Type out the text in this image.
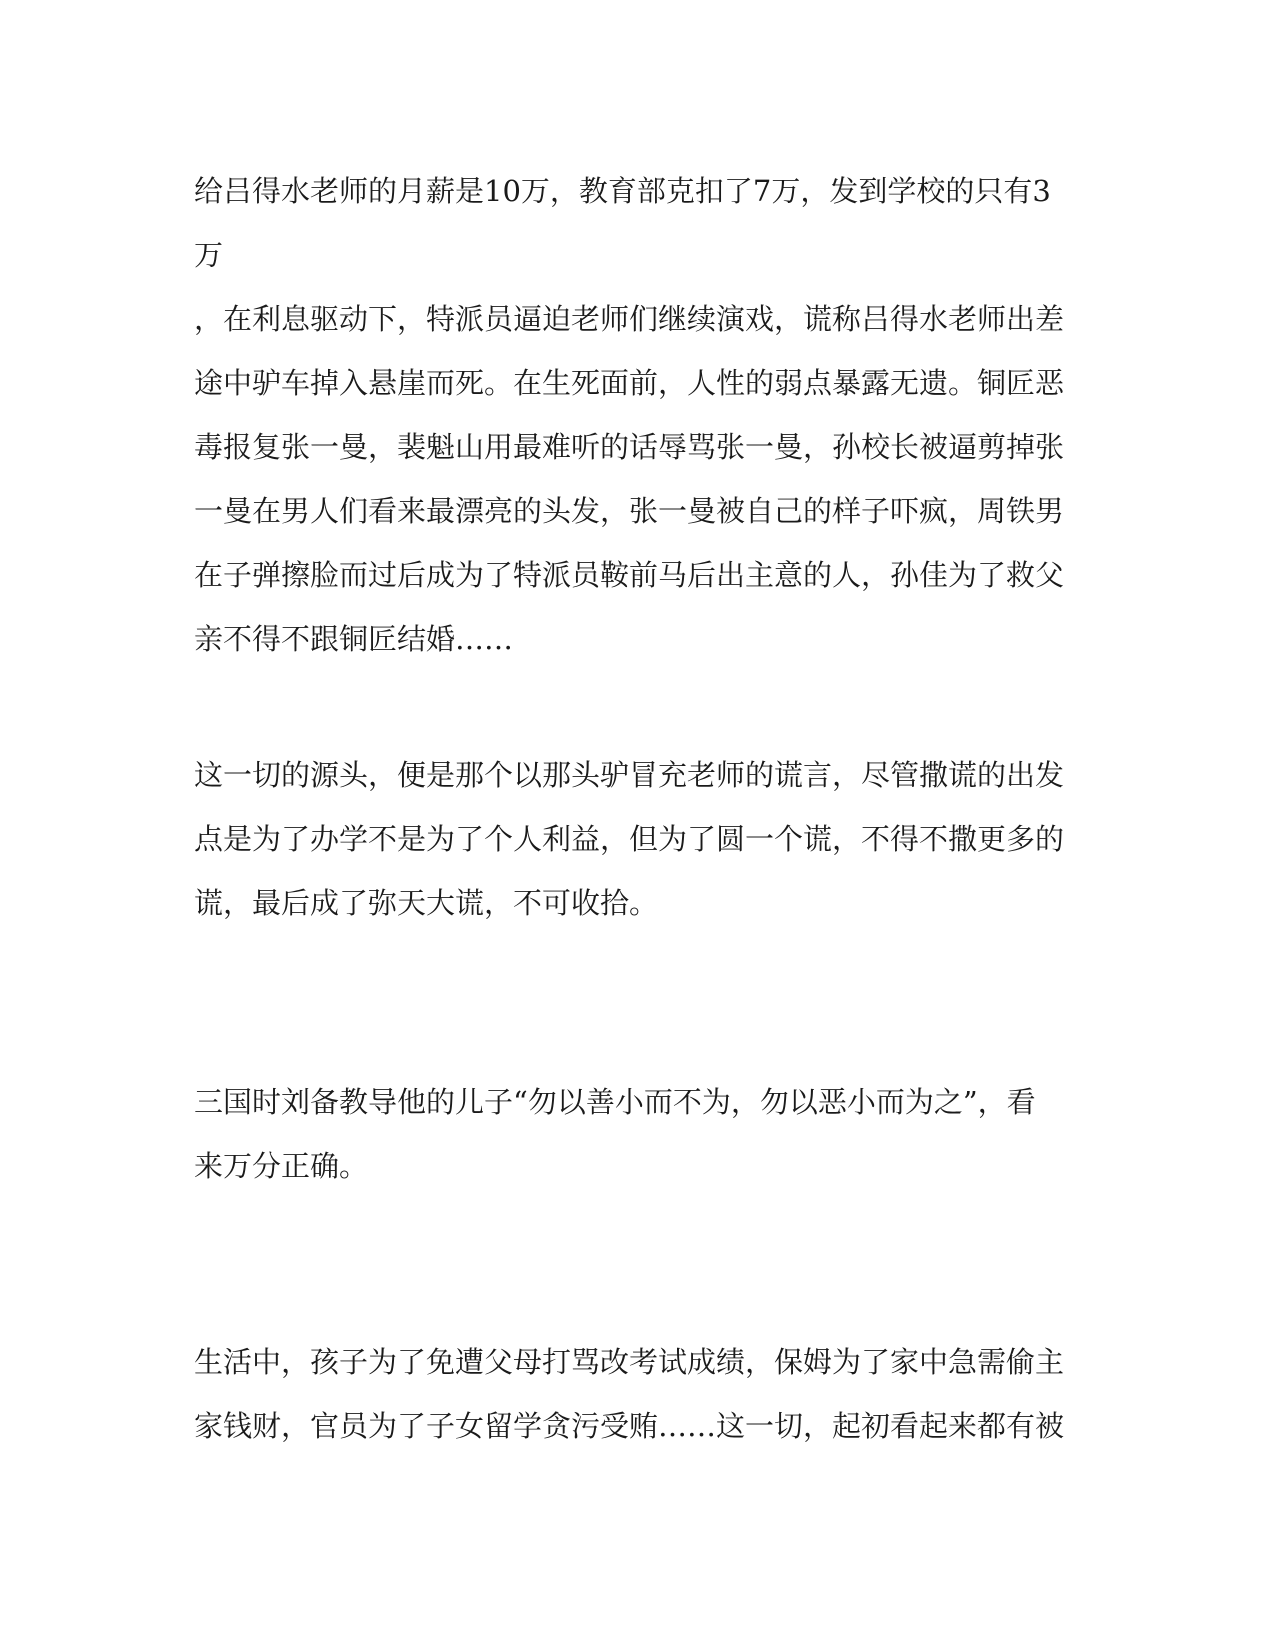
给吕得水老师的月薪是10万，教育部克扣了7万，发到学校的只有3万
，在利息驱动下，特派员逼迫老师们继续演戏，谎称吕得水老师出差
途中驴车掉入悬崖而死。在生死面前，人性的弱点暴露无遗。铜匠恶
毒报复张一曼，裴魁山用最难听的话辱骂张一曼，孙校长被逼剪掉张
一曼在男人们看来最漂亮的头发，张一曼被自己的样子吓疯，周铁男
在子弹擦脸而过后成为了特派员鞍前马后出主意的人，孙佳为了救父
亲不得不跟铜匠结婚……

这一切的源头，便是那个以那头驴冒充老师的谎言，尽管撒谎的出发
点是为了办学不是为了个人利益，但为了圆一个谎，不得不撒更多的
谎，最后成了弥天大谎，不可收拾。

三国时刘备教导他的儿子“勿以善小而不为，勿以恶小而为之”，看
来万分正确。

生活中，孩子为了免遭父母打骂改考试成绩，保姆为了家中急需偷主
家钱财，官员为了子女留学贪污受贿……这一切，起初看起来都有被
